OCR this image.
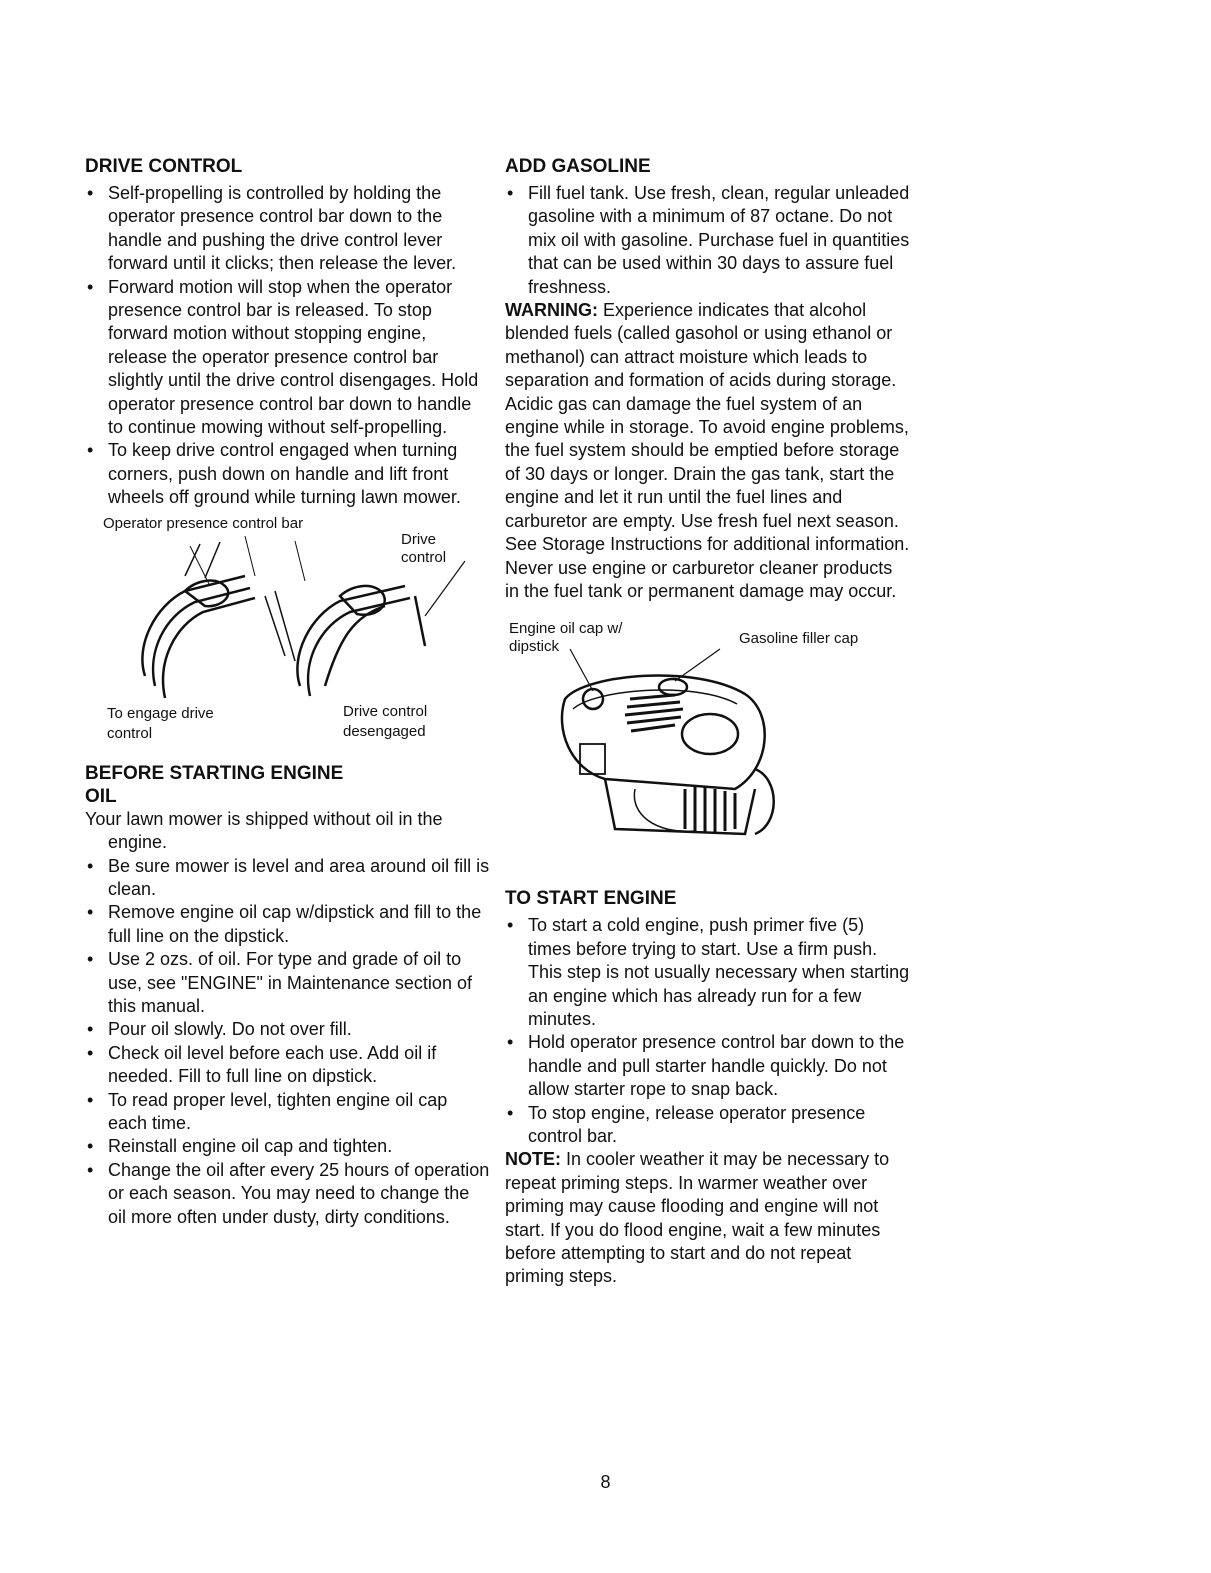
DRIVE CONTROL
• Self-propelling is controlled by holding the operator presence control bar down to the handle and pushing the drive control lever forward until it clicks; then release the lever.
• Forward motion will stop when the operator presence control bar is released. To stop forward motion without stopping engine, release the operator presence control bar slightly until the drive control disengages. Hold operator presence control bar down to handle to continue mowing without self-propelling.
• To keep drive control engaged when turning corners, push down on handle and lift front wheels off ground while turning lawn mower.
Operator presence control bar
Drive
control
To engage drive
control
Drive control
desengaged
BEFORE STARTING ENGINE
OIL

Your lawn mower is shipped without oil in the engine.

• Be sure mower is level and area around oil fill is clean.
• Remove engine oil cap w/dipstick and fill to the full line on the dipstick.
• Use 2 ozs. of oil. For type and grade of oil to use, see "ENGINE" in Maintenance section of this manual.
• Pour oil slowly. Do not over fill.
• Check oil level before each use. Add oil if needed. Fill to full line on dipstick.
• To read proper level, tighten engine oil cap each time.
• Reinstall engine oil cap and tighten.
• Change the oil after every 25 hours of operation or each season. You may need to change the oil more often under dusty, dirty conditions.
ADD GASOLINE
• Fill fuel tank. Use fresh, clean, regular unleaded gasoline with a minimum of 87 octane. Do not mix oil with gasoline. Purchase fuel in quantities that can be used within 30 days to assure fuel freshness.

WARNING: Experience indicates that alcohol blended fuels (called gasohol or using ethanol or methanol) can attract moisture which leads to separation and formation of acids during storage. Acidic gas can damage the fuel system of an engine while in storage. To avoid engine problems, the fuel system should be emptied before storage of 30 days or longer. Drain the gas tank, start the engine and let it run until the fuel lines and carburetor are empty. Use fresh fuel next season. See Storage Instructions for additional information. Never use engine or carburetor cleaner products in the fuel tank or permanent damage may occur.

Engine oil cap w/
dipstick	Gasoline filler cap
TO START ENGINE
• To start a cold engine, push primer five (5) times before trying to start. Use a firm push. This step is not usually necessary when starting an engine which has already run for a few minutes.
• Hold operator presence control bar down to the handle and pull starter handle quickly. Do not allow starter rope to snap back.
• To stop engine, release operator presence control bar.

NOTE: In cooler weather it may be necessary to repeat priming steps. In warmer weather over priming may cause flooding and engine will not start. If you do flood engine, wait a few minutes before attempting to start and do not repeat priming steps.

8
